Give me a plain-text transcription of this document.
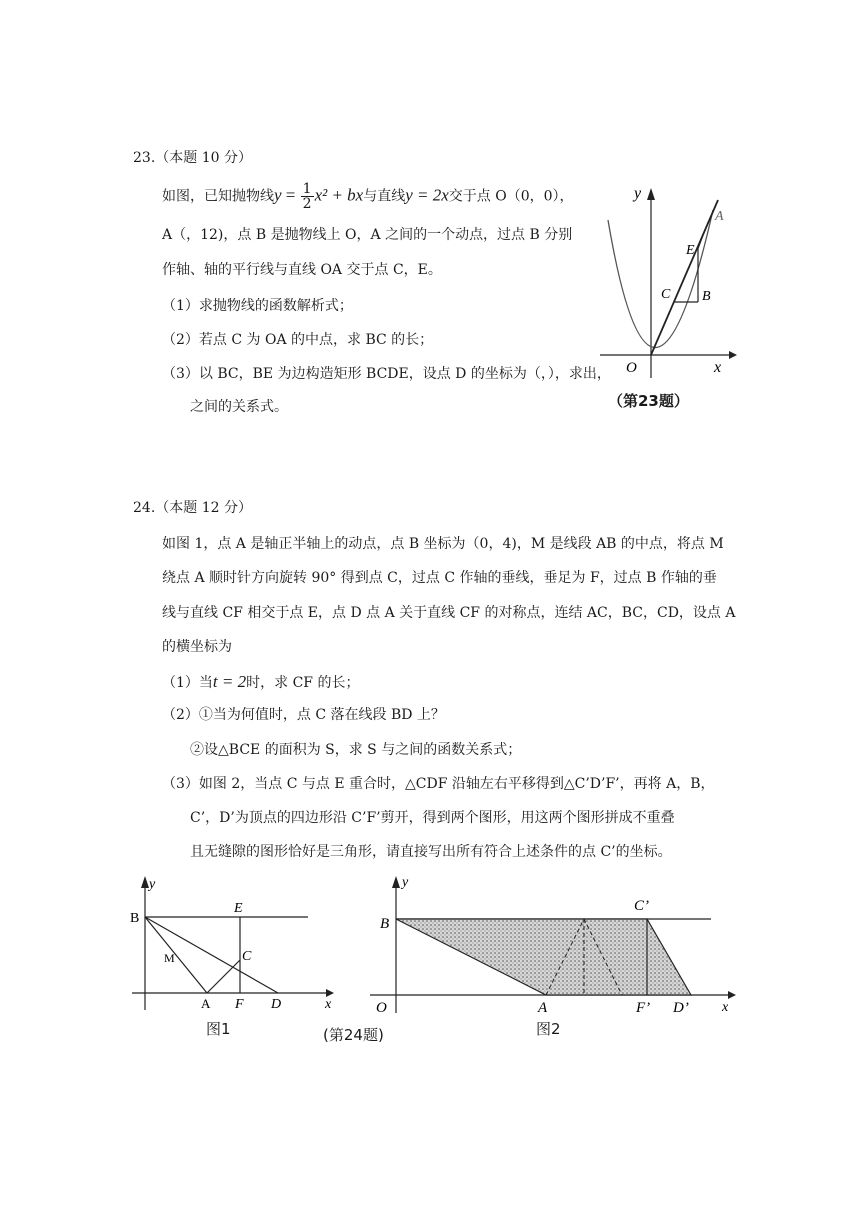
23.（本题 10 分）
如图，已知抛物线$y = \frac{1}{2} x^2$ + bx与直线y = 2x交于点 O（0，0），
A（，12)，点 B 是抛物线上 O，A 之间的一个动点，过点 B 分别
作轴、轴的平行线与直线 OA 交于点 C，E。
（1）求抛物线的函数解析式；
（2）若点 C 为 OA 的中点，求 BC 的长；
（3）以 BC，BE 为边构造矩形 BCDE，设点 D 的坐标为（，），求出，
之间的关系式。
y
x
O
A
E
C B
（第23题）
24.（本题 12 分）
如图 1，点 A 是轴正半轴上的动点，点 B 坐标为（0，4)，M 是线段 AB 的中点，将点 M
绕点 A 顺时针方向旋转 90° 得到点 C，过点 C 作轴的垂线，垂足为 F，过点 B 作轴的垂
线与直线 CF 相交于点 E，点 D 点 A 关于直线 CF 的对称点，连结 AC，BC，CD，设点 A
的横坐标为
（1）当t = 2时，求 CF 的长；
（2）①当为何值时，点 C 落在线段 BD 上？
②设△BCE 的面积为 S，求 S 与之间的函数关系式；
（3）如图 2，当点 C 与点 E 重合时，△CDF 沿轴左右平移得到△C’D’F’，再将 A，B，
C’，D’为顶点的四边形沿 C’F’剪开，得到两个图形，用这两个图形拼成不重叠
且无缝隙的图形恰好是三角形，请直接写出所有符合上述条件的点 C’的坐标。
y
x
B
E
M	C
A F D
图1
y
x
B
C’
O	A	F’ D’
图2
(第24题)
